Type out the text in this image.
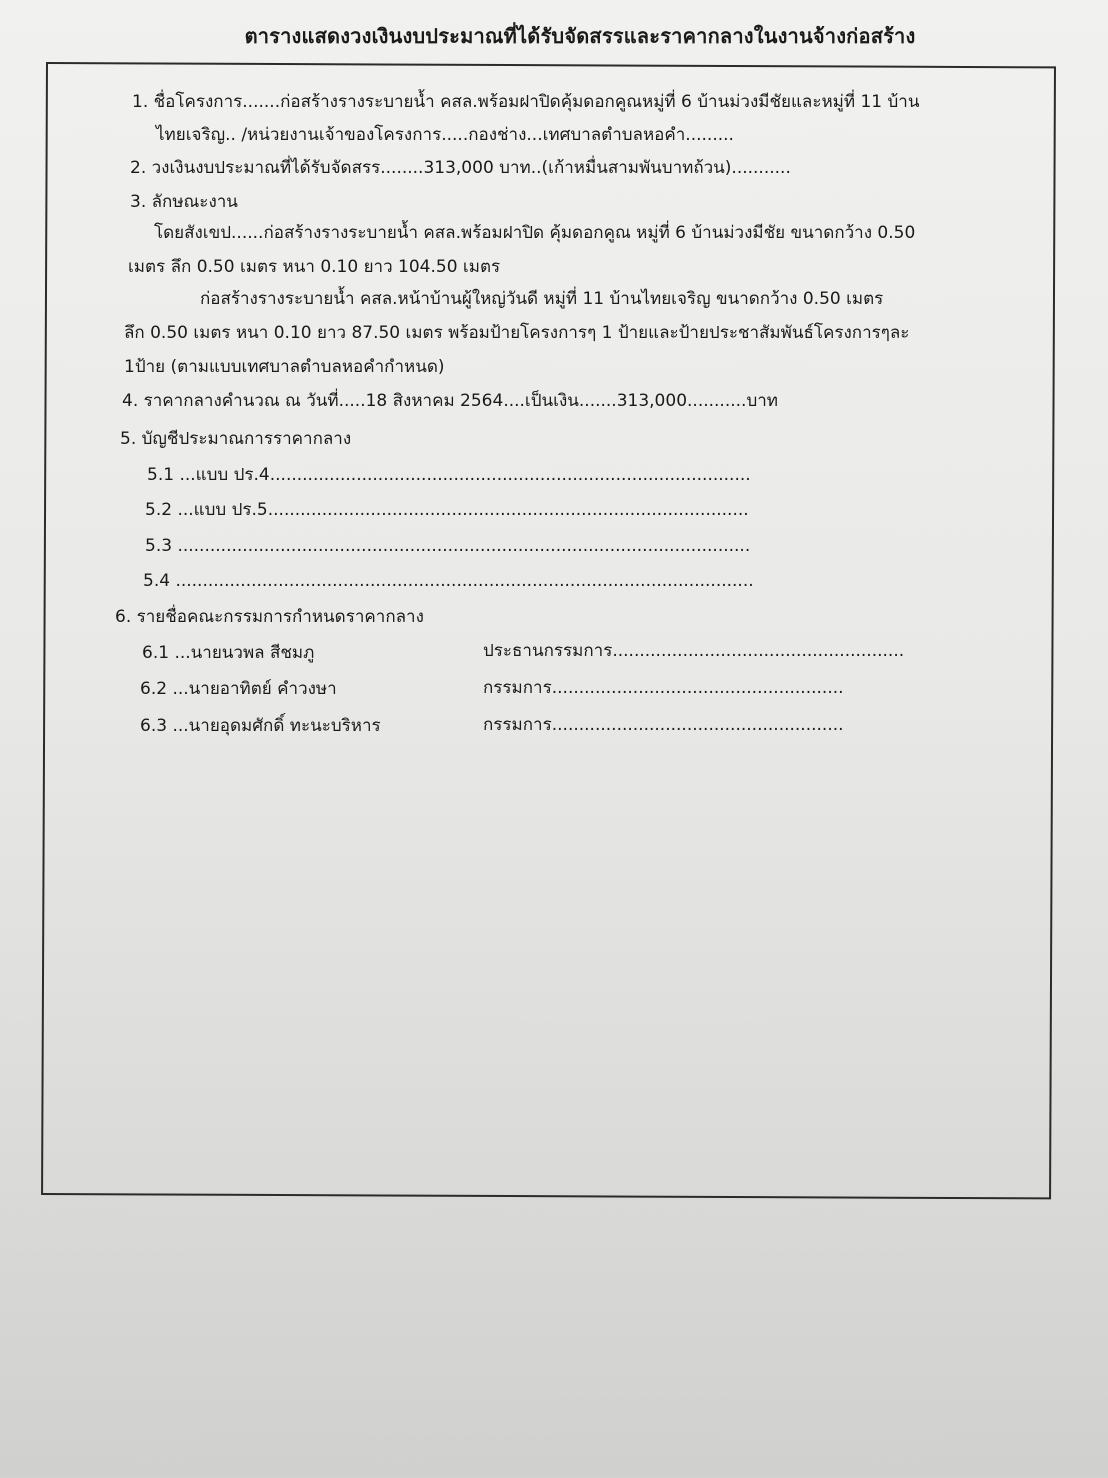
ตารางแสดงวงเงินงบประมาณที่ได้รับจัดสรรและราคากลางในงานจ้างก่อสร้าง
1. ชื่อโครงการ.......ก่อสร้างรางระบายน้ำ คสล.พร้อมฝาปิดคุ้มดอกคูณหมู่ที่ 6 บ้านม่วงมีชัยและหมู่ที่ 11 บ้าน
ไทยเจริญ.. /หน่วยงานเจ้าของโครงการ.....กองช่าง...เทศบาลตำบลหอคำ.........
2. วงเงินงบประมาณที่ได้รับจัดสรร........313,000 บาท..(เก้าหมื่นสามพันบาทถ้วน)...........
3. ลักษณะงาน
โดยสังเขป......ก่อสร้างรางระบายน้ำ คสล.พร้อมฝาปิด คุ้มดอกคูณ หมู่ที่ 6 บ้านม่วงมีชัย ขนาดกว้าง 0.50
เมตร ลึก 0.50 เมตร หนา 0.10 ยาว 104.50 เมตร
ก่อสร้างรางระบายน้ำ คสล.หน้าบ้านผู้ใหญ่วันดี หมู่ที่ 11 บ้านไทยเจริญ ขนาดกว้าง 0.50 เมตร
ลึก 0.50 เมตร หนา 0.10 ยาว 87.50 เมตร พร้อมป้ายโครงการๆ 1 ป้ายและป้ายประชาสัมพันธ์โครงการๆละ
1ป้าย (ตามแบบเทศบาลตำบลหอคำกำหนด)
4. ราคากลางคำนวณ ณ วันที่.....18 สิงหาคม 2564....เป็นเงิน.......313,000...........บาท
5. บัญชีประมาณการราคากลาง
5.1 ...แบบ ปร.4.........................................................................................
5.2 ...แบบ ปร.5.........................................................................................
5.3 ..........................................................................................................
5.4 ...........................................................................................................
6. รายชื่อคณะกรรมการกำหนดราคากลาง
6.1 ...นายนวพล สีชมภู	ประธานกรรมการ......................................................
6.2 ...นายอาทิตย์ คำวงษา	กรรมการ......................................................
6.3 ...นายอุดมศักดิ์ ทะนะบริหาร	กรรมการ......................................................
